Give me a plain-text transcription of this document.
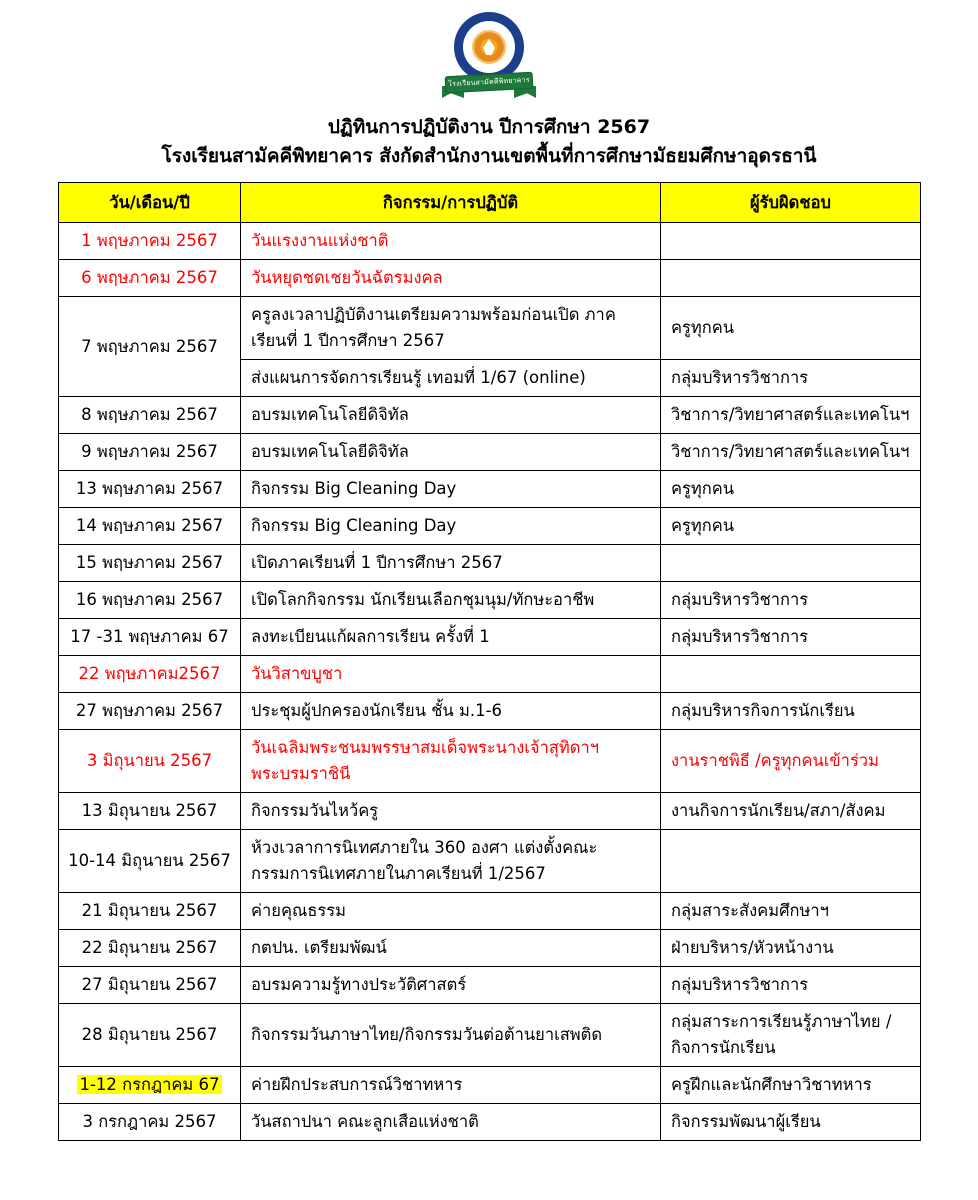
โรงเรียนสามัคคีพิทยาคาร
ปฏิทินการปฏิบัติงาน ปีการศึกษา 2567
โรงเรียนสามัคคีพิทยาคาร สังกัดสำนักงานเขตพื้นที่การศึกษามัธยมศึกษาอุดรธานี
วัน/เดือน/ปี	กิจกรรม/การปฏิบัติ	ผู้รับผิดชอบ
1 พฤษภาคม 2567	วันแรงงานแห่งชาติ	
6 พฤษภาคม 2567	วันหยุดชดเชยวันฉัตรมงคล	
7 พฤษภาคม 2567	ครูลงเวลาปฏิบัติงานเตรียมความพร้อมก่อนเปิด ภาคเรียนที่ 1 ปีการศึกษา 2567	ครูทุกคน
	ส่งแผนการจัดการเรียนรู้ เทอมที่ 1/67 (online)	กลุ่มบริหารวิชาการ
8 พฤษภาคม 2567	อบรมเทคโนโลยีดิจิทัล	วิชาการ/วิทยาศาสตร์และเทคโนฯ
9 พฤษภาคม 2567	อบรมเทคโนโลยีดิจิทัล	วิชาการ/วิทยาศาสตร์และเทคโนฯ
13 พฤษภาคม 2567	กิจกรรม Big Cleaning Day	ครูทุกคน
14 พฤษภาคม 2567	กิจกรรม Big Cleaning Day	ครูทุกคน
15 พฤษภาคม 2567	เปิดภาคเรียนที่ 1 ปีการศึกษา 2567	
16 พฤษภาคม 2567	เปิดโลกกิจกรรม นักเรียนเลือกชุมนุม/ทักษะอาชีพ	กลุ่มบริหารวิชาการ
17 -31 พฤษภาคม 67	ลงทะเบียนแก้ผลการเรียน ครั้งที่ 1	กลุ่มบริหารวิชาการ
22 พฤษภาคม2567	วันวิสาขบูชา	
27 พฤษภาคม 2567	ประชุมผู้ปกครองนักเรียน ชั้น ม.1-6	กลุ่มบริหารกิจการนักเรียน
3 มิถุนายน 2567	วันเฉลิมพระชนมพรรษาสมเด็จพระนางเจ้าสุทิดาฯ พระบรมราชินี	งานราชพิธี /ครูทุกคนเข้าร่วม
13 มิถุนายน 2567	กิจกรรมวันไหว้ครู	งานกิจการนักเรียน/สภา/สังคม
10-14 มิถุนายน 2567	ห้วงเวลาการนิเทศภายใน 360 องศา แต่งตั้งคณะกรรมการนิเทศภายในภาคเรียนที่ 1/2567	
21 มิถุนายน 2567	ค่ายคุณธรรม	กลุ่มสาระสังคมศึกษาฯ
22 มิถุนายน 2567	กตปน. เตรียมพัฒน์	ฝ่ายบริหาร/หัวหน้างาน
27 มิถุนายน 2567	อบรมความรู้ทางประวัติศาสตร์	กลุ่มบริหารวิชาการ
28 มิถุนายน 2567	กิจกรรมวันภาษาไทย/กิจกรรมวันต่อต้านยาเสพติด	กลุ่มสาระการเรียนรู้ภาษาไทย /กิจการนักเรียน
1-12 กรกฎาคม 67	ค่ายฝึกประสบการณ์วิชาทหาร	ครูฝึกและนักศึกษาวิชาทหาร
3 กรกฎาคม 2567	วันสถาปนา คณะลูกเสือแห่งชาติ	กิจกรรมพัฒนาผู้เรียน
